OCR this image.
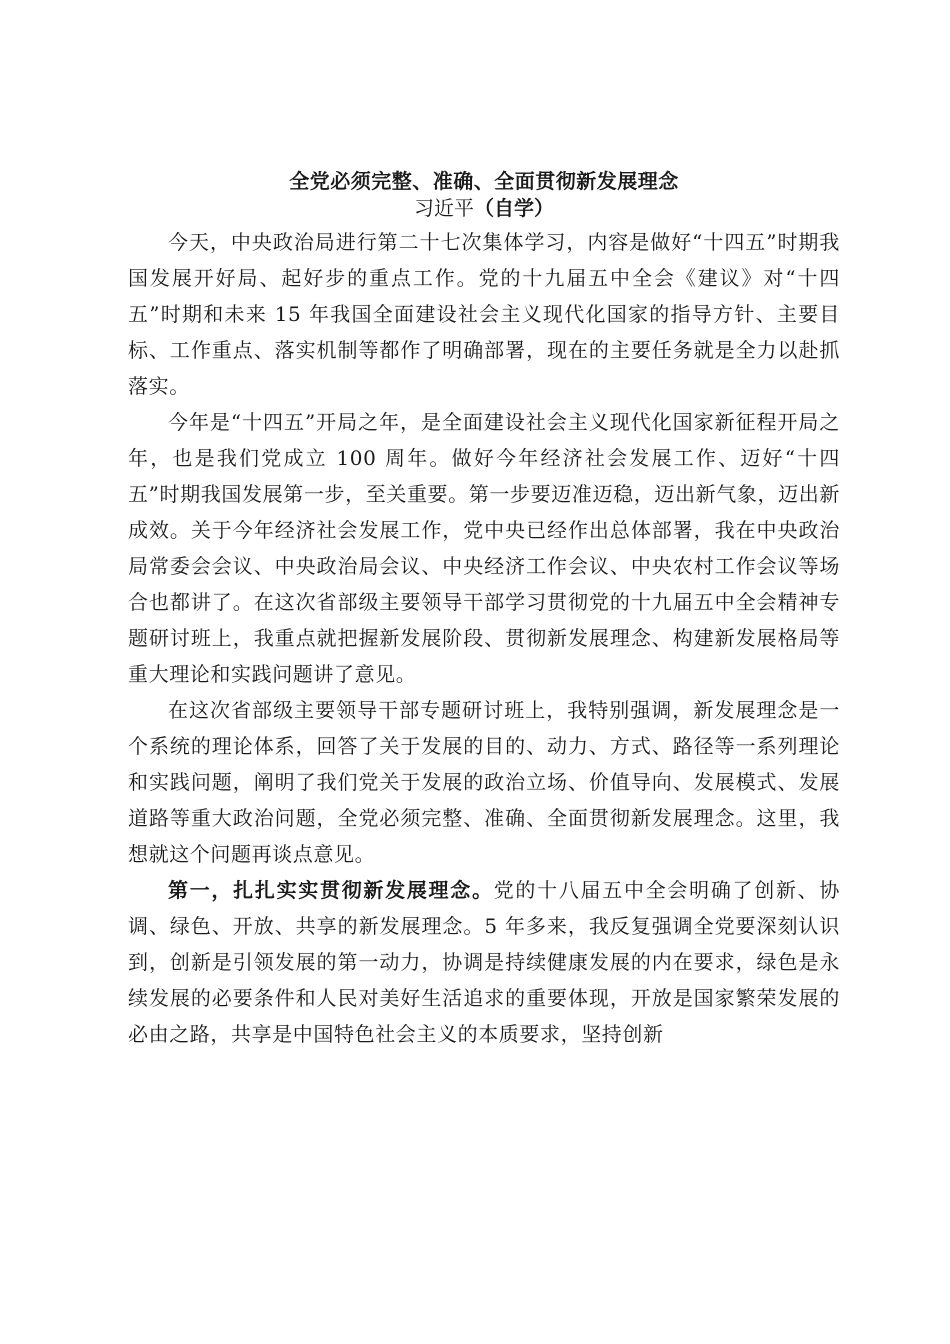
全党必须完整、准确、全面贯彻新发展理念
习近平（自学）

今天，中央政治局进行第二十七次集体学习，内容是做好“十四五”时期我国发展开好局、起好步的重点工作。党的十九届五中全会《建议》对“十四五”时期和未来 15 年我国全面建设社会主义现代化国家的指导方针、主要目标、工作重点、落实机制等都作了明确部署，现在的主要任务就是全力以赴抓落实。

今年是“十四五”开局之年，是全面建设社会主义现代化国家新征程开局之年，也是我们党成立 100 周年。做好今年经济社会发展工作、迈好“十四五”时期我国发展第一步，至关重要。第一步要迈准迈稳，迈出新气象，迈出新成效。关于今年经济社会发展工作，党中央已经作出总体部署，我在中央政治局常委会会议、中央政治局会议、中央经济工作会议、中央农村工作会议等场合也都讲了。在这次省部级主要领导干部学习贯彻党的十九届五中全会精神专题研讨班上，我重点就把握新发展阶段、贯彻新发展理念、构建新发展格局等重大理论和实践问题讲了意见。

在这次省部级主要领导干部专题研讨班上，我特别强调，新发展理念是一个系统的理论体系，回答了关于发展的目的、动力、方式、路径等一系列理论和实践问题，阐明了我们党关于发展的政治立场、价值导向、发展模式、发展道路等重大政治问题，全党必须完整、准确、全面贯彻新发展理念。这里，我想就这个问题再谈点意见。

第一，扎扎实实贯彻新发展理念。党的十八届五中全会明确了创新、协调、绿色、开放、共享的新发展理念。5 年多来，我反复强调全党要深刻认识到，创新是引领发展的第一动力，协调是持续健康发展的内在要求，绿色是永续发展的必要条件和人民对美好生活追求的重要体现，开放是国家繁荣发展的必由之路，共享是中国特色社会主义的本质要求，坚持创新
